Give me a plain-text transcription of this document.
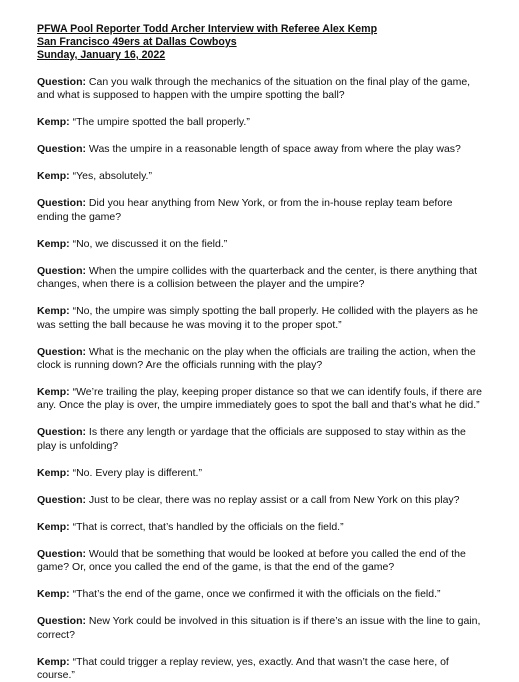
PFWA Pool Reporter Todd Archer Interview with Referee Alex Kemp
San Francisco 49ers at Dallas Cowboys
Sunday, January 16, 2022

Question: Can you walk through the mechanics of the situation on the final play of the game, and what is supposed to happen with the umpire spotting the ball?

Kemp: “The umpire spotted the ball properly.”

Question: Was the umpire in a reasonable length of space away from where the play was?

Kemp: “Yes, absolutely.”

Question: Did you hear anything from New York, or from the in-house replay team before ending the game?

Kemp: “No, we discussed it on the field.”

Question: When the umpire collides with the quarterback and the center, is there anything that changes, when there is a collision between the player and the umpire?

Kemp: “No, the umpire was simply spotting the ball properly. He collided with the players as he was setting the ball because he was moving it to the proper spot.”

Question: What is the mechanic on the play when the officials are trailing the action, when the clock is running down? Are the officials running with the play?

Kemp: “We’re trailing the play, keeping proper distance so that we can identify fouls, if there are any. Once the play is over, the umpire immediately goes to spot the ball and that’s what he did.”

Question: Is there any length or yardage that the officials are supposed to stay within as the play is unfolding?

Kemp: “No. Every play is different.”

Question: Just to be clear, there was no replay assist or a call from New York on this play?

Kemp: “That is correct, that’s handled by the officials on the field.”

Question: Would that be something that would be looked at before you called the end of the game? Or, once you called the end of the game, is that the end of the game?

Kemp: “That’s the end of the game, once we confirmed it with the officials on the field.”

Question: New York could be involved in this situation is if there’s an issue with the line to gain, correct?

Kemp: “That could trigger a replay review, yes, exactly. And that wasn’t the case here, of course.”
